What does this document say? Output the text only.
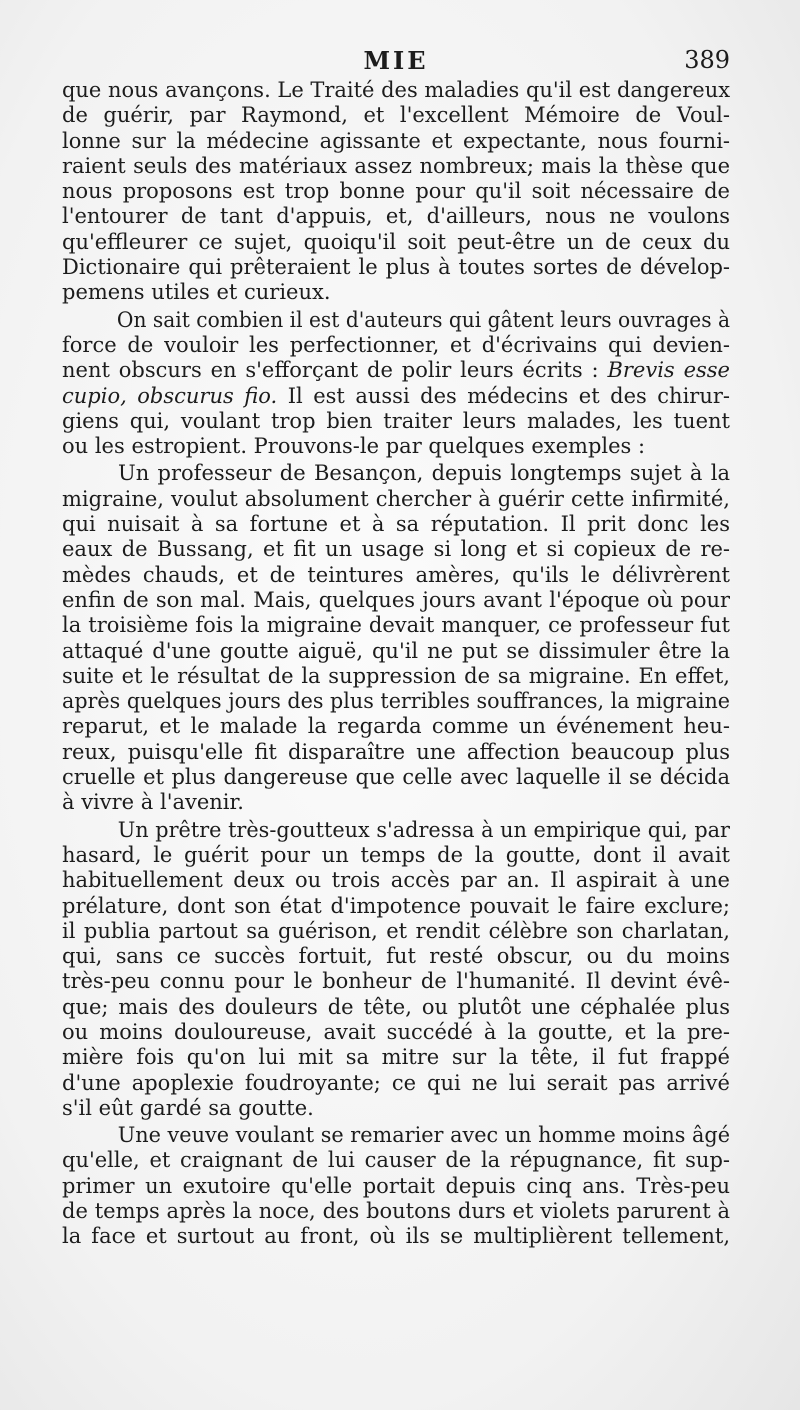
MIE	389
que nous avançons. Le Traité des maladies qu'il est dangereux
de guérir, par Raymond, et l'excellent Mémoire de Voul-
lonne sur la médecine agissante et expectante, nous fourni-
raient seuls des matériaux assez nombreux; mais la thèse que
nous proposons est trop bonne pour qu'il soit nécessaire de
l'entourer de tant d'appuis, et, d'ailleurs, nous ne voulons
qu'effleurer ce sujet, quoiqu'il soit peut-être un de ceux du
Dictionaire qui prêteraient le plus à toutes sortes de dévelop-
pemens utiles et curieux.
On sait combien il est d'auteurs qui gâtent leurs ouvrages à
force de vouloir les perfectionner, et d'écrivains qui devien-
nent obscurs en s'efforçant de polir leurs écrits : Brevis esse
cupio, obscurus fio. Il est aussi des médecins et des chirur-
giens qui, voulant trop bien traiter leurs malades, les tuent
ou les estropient. Prouvons-le par quelques exemples :
Un professeur de Besançon, depuis longtemps sujet à la
migraine, voulut absolument chercher à guérir cette infirmité,
qui nuisait à sa fortune et à sa réputation. Il prit donc les
eaux de Bussang, et fit un usage si long et si copieux de re-
mèdes chauds, et de teintures amères, qu'ils le délivrèrent
enfin de son mal. Mais, quelques jours avant l'époque où pour
la troisième fois la migraine devait manquer, ce professeur fut
attaqué d'une goutte aiguë, qu'il ne put se dissimuler être la
suite et le résultat de la suppression de sa migraine. En effet,
après quelques jours des plus terribles souffrances, la migraine
reparut, et le malade la regarda comme un événement heu-
reux, puisqu'elle fit disparaître une affection beaucoup plus
cruelle et plus dangereuse que celle avec laquelle il se décida
à vivre à l'avenir.
Un prêtre très-goutteux s'adressa à un empirique qui, par
hasard, le guérit pour un temps de la goutte, dont il avait
habituellement deux ou trois accès par an. Il aspirait à une
prélature, dont son état d'impotence pouvait le faire exclure;
il publia partout sa guérison, et rendit célèbre son charlatan,
qui, sans ce succès fortuit, fut resté obscur, ou du moins
très-peu connu pour le bonheur de l'humanité. Il devint évê-
que; mais des douleurs de tête, ou plutôt une céphalée plus
ou moins douloureuse, avait succédé à la goutte, et la pre-
mière fois qu'on lui mit sa mitre sur la tête, il fut frappé
d'une apoplexie foudroyante; ce qui ne lui serait pas arrivé
s'il eût gardé sa goutte.
Une veuve voulant se remarier avec un homme moins âgé
qu'elle, et craignant de lui causer de la répugnance, fit sup-
primer un exutoire qu'elle portait depuis cinq ans. Très-peu
de temps après la noce, des boutons durs et violets parurent à
la face et surtout au front, où ils se multiplièrent tellement,
